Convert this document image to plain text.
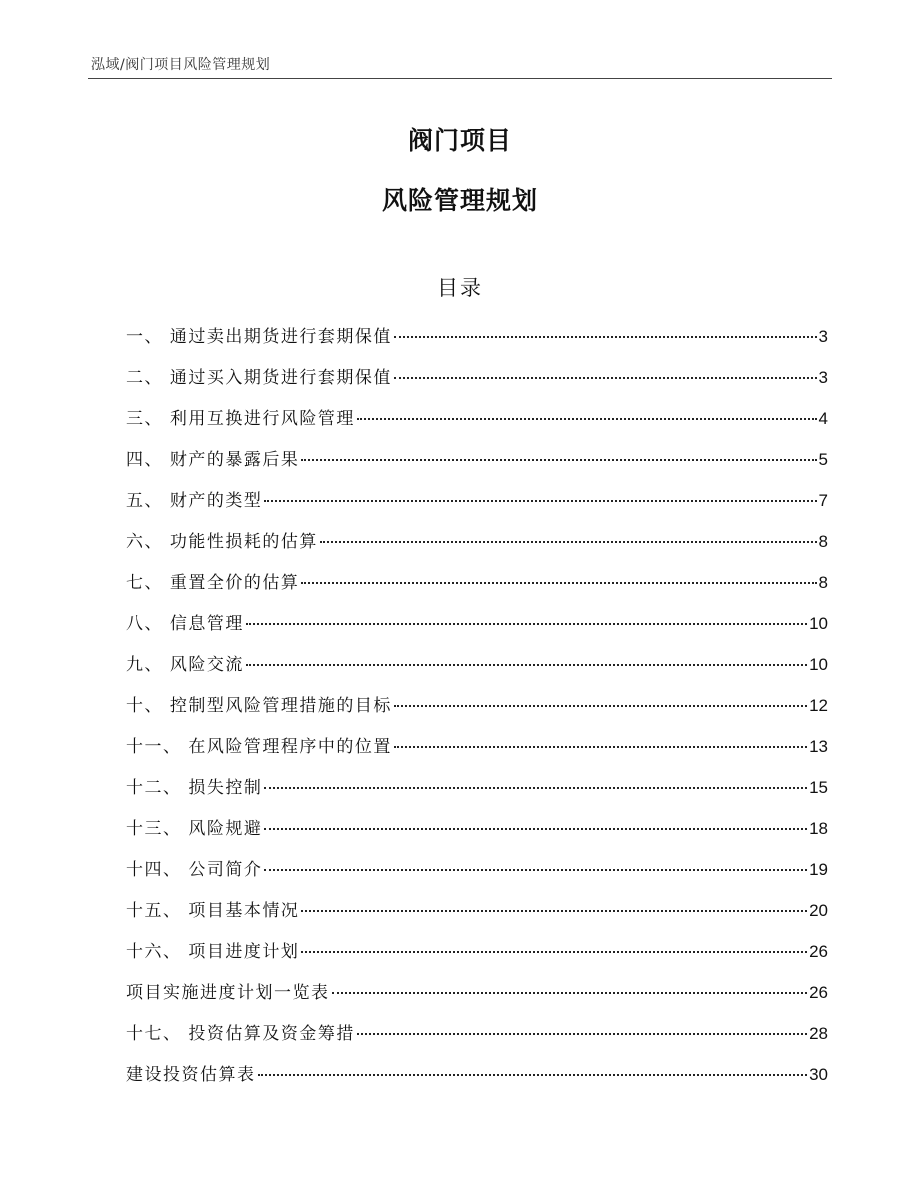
泓域/阀门项目风险管理规划
阀门项目
风险管理规划
目录
一、 通过卖出期货进行套期保值	3
二、 通过买入期货进行套期保值	3
三、 利用互换进行风险管理	4
四、 财产的暴露后果	5
五、 财产的类型	7
六、 功能性损耗的估算	8
七、 重置全价的估算	8
八、 信息管理	10
九、 风险交流	10
十、 控制型风险管理措施的目标	12
十一、 在风险管理程序中的位置	13
十二、 损失控制	15
十三、 风险规避	18
十四、 公司简介	19
十五、 项目基本情况	20
十六、 项目进度计划	26
项目实施进度计划一览表	26
十七、 投资估算及资金筹措	28
建设投资估算表	30
